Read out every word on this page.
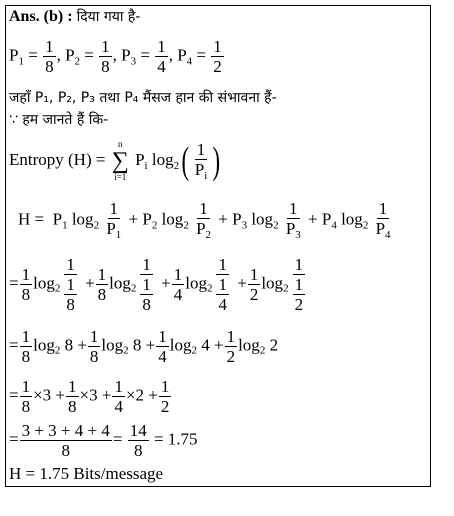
Ans. (b) : दिया गया है-
$P_1 = \frac{1}{8}$ , $P_2 = \frac{1}{8}$ , $P_3 = \frac{1}{4}$ , $P_4 = \frac{1}{2}$
जहाँ P₁, P₂, P₃ तथा P₄ मैंसज हान की संभावना हैं-
∵ हम जानते हैं कि-
Entropy (H) =
n
∑
i=1
$P_i$ $\log_2( \frac{1}{P_i}$ )
$H = P_1$ $\log_2 \frac{1}{P_1} + P_2$ $\log_2 \frac{1}{P_2} + P_3$ $\log_2 \frac{1}{P_3} + P_4$ $\log_2 \frac{1}{P_4}$
= $\frac{1}{8} \log 2 \frac{1}{\frac{1}{8}} + \frac{1}{8} \log 2 \frac{1}{\frac{1}{8}} + \frac{1}{4} \log 2 \frac{1}{\frac{1}{4}} + \frac{1}{2} \log 2 \frac{1}{\frac{1}{2}}$
= $\frac{1}{8} \log 2$ $8 + \frac{1}{8} \log 2$ $8 + \frac{1}{4} \log 2$ $4 + \frac{1}{2} \log 2$ 2
= $\frac{1}{8} \times 3 + \frac{1}{8} \times 3 + \frac{1}{4} \times 2 + \frac{1}{2}$
= $\frac{3 + 3 + 4 + 4}{8} = \frac{14}{8} = 1.75$
H = 1.75 Bits/message
